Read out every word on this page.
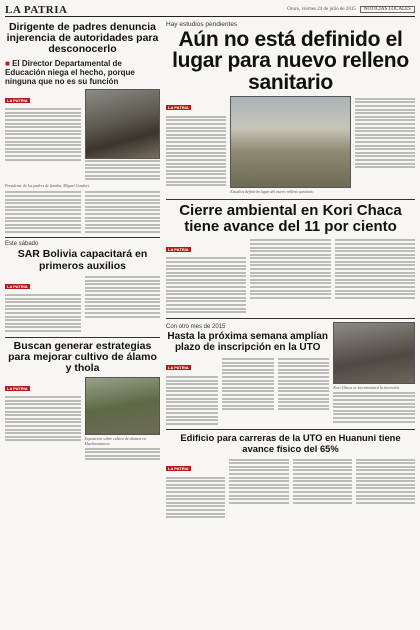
LA PATRIA	Oruro, viernes 24 de julio de 2015	NOTICIAS LOCALES
Dirigente de padres denuncia injerencia de autoridades para desconocerlo
■ El Director Departamental de Educación niega el hecho, porque ninguna que no es su función
LA PATRIA
Presidente de los padres de familia, Miguel Condori.
Este sábado
SAR Bolivia capacitará en primeros auxilios
LA PATRIA
Buscan generar estrategias para mejorar cultivo de álamo y thola
LA PATRIA
Exposición sobre cultivo de álamos en Machacamarca.
Hay estudios pendientes
Aún no está definido el lugar para nuevo relleno sanitario
LA PATRIA
Estudios definirán lugar del nuevo relleno sanitario.
Cierre ambiental en Kori Chaca tiene avance del 11 por ciento
LA PATRIA
Con otro mes de 2015
Hasta la próxima semana amplían plazo de inscripción en la UTO
LA PATRIA
Kori Chaca se incrementará la inversión.
Edificio para carreras de la UTO en Huanuni tiene avance físico del 65%
LA PATRIA
